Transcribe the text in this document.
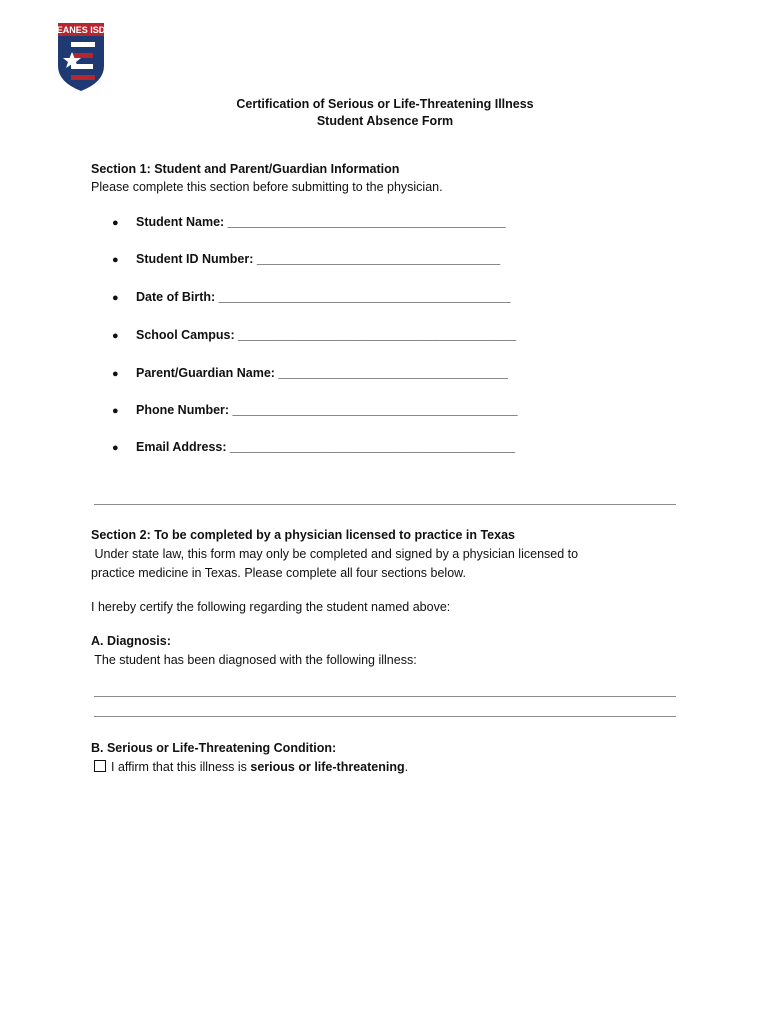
EANES ISD
Certification of Serious or Life-Threatening Illness
Student Absence Form
Section 1: Student and Parent/Guardian Information
Please complete this section before submitting to the physician.
● Student Name: ________________________________________
● Student ID Number: ___________________________________
● Date of Birth: __________________________________________
● School Campus: ________________________________________
● Parent/Guardian Name: _________________________________
● Phone Number: _________________________________________
● Email Address: _________________________________________
Section 2: To be completed by a physician licensed to practice in Texas
Under state law, this form may only be completed and signed by a physician licensed to
practice medicine in Texas. Please complete all four sections below.
I hereby certify the following regarding the student named above:
A. Diagnosis:
The student has been diagnosed with the following illness:
B. Serious or Life-Threatening Condition:
I affirm that this illness is serious or life-threatening.
